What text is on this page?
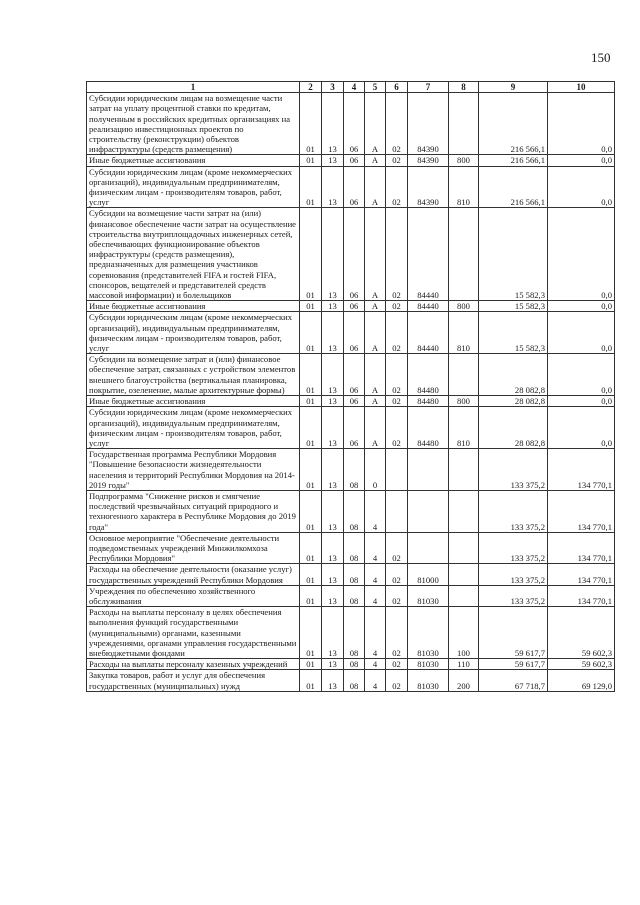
150
1	2	3	4	5	6	7	8	9	10
Субсидии юридическим лицам на возмещение части затрат на уплату процентной ставки по кредитам, полученным в российских кредитных организациях на реализацию инвестиционных проектов по строительству (реконструкции) объектов инфраструктуры (средств размещения)	01	13	06	А	02	84390		216 566,1	0,0
Иные бюджетные ассигнования	01	13	06	А	02	84390	800	216 566,1	0,0
Субсидии юридическим лицам (кроме некоммерческих организаций), индивидуальным предпринимателям, физическим лицам - производителям товаров, работ, услуг	01	13	06	А	02	84390	810	216 566,1	0,0
Субсидии на возмещение части затрат на (или) финансовое обеспечение части затрат на осуществление строительства внутриплощадочных инженерных сетей, обеспечивающих функционирование объектов инфраструктуры (средств размещения), предназначенных для размещения участников соревнования (представителей FIFA и гостей FIFA, спонсоров, вещателей и представителей средств массовой информации) и болельщиков	01	13	06	А	02	84440		15 582,3	0,0
Иные бюджетные ассигнования	01	13	06	А	02	84440	800	15 582,3	0,0
Субсидии юридическим лицам (кроме некоммерческих организаций), индивидуальным предпринимателям, физическим лицам - производителям товаров, работ, услуг	01	13	06	А	02	84440	810	15 582,3	0,0
Субсидии на возмещение затрат и (или) финансовое обеспечение затрат, связанных с устройством элементов внешнего благоустройства (вертикальная планировка, покрытие, озеленение, малые архитектурные формы)	01	13	06	А	02	84480		28 082,8	0,0
Иные бюджетные ассигнования	01	13	06	А	02	84480	800	28 082,8	0,0
Субсидии юридическим лицам (кроме некоммерческих организаций), индивидуальным предпринимателям, физическим лицам - производителям товаров, работ, услуг	01	13	06	А	02	84480	810	28 082,8	0,0
Государственная программа Республики Мордовия "Повышение безопасности жизнедеятельности населения и территорий Республики Мордовия на 2014-2019 годы"	01	13	08	0				133 375,2	134 770,1
Подпрограмма "Снижение рисков и смягчение последствий чрезвычайных ситуаций природного и техногенного характера в Республике Мордовия до 2019 года"	01	13	08	4				133 375,2	134 770,1
Основное мероприятие "Обеспечение деятельности подведомственных учреждений Минжилкомхоза Республики Мордовия"	01	13	08	4	02			133 375,2	134 770,1
Расходы на обеспечение деятельности (оказание услуг) государственных учреждений Республики Мордовия	01	13	08	4	02	81000		133 375,2	134 770,1
Учреждения по обеспечению хозяйственного обслуживания	01	13	08	4	02	81030		133 375,2	134 770,1
Расходы на выплаты персоналу в целях обеспечения выполнения функций государственными (муниципальными) органами, казенными учреждениями, органами управления государственными внебюджетными фондами	01	13	08	4	02	81030	100	59 617,7	59 602,3
Расходы на выплаты персоналу казенных учреждений	01	13	08	4	02	81030	110	59 617,7	59 602,3
Закупка товаров, работ и услуг для обеспечения государственных (муниципальных) нужд	01	13	08	4	02	81030	200	67 718,7	69 129,0
